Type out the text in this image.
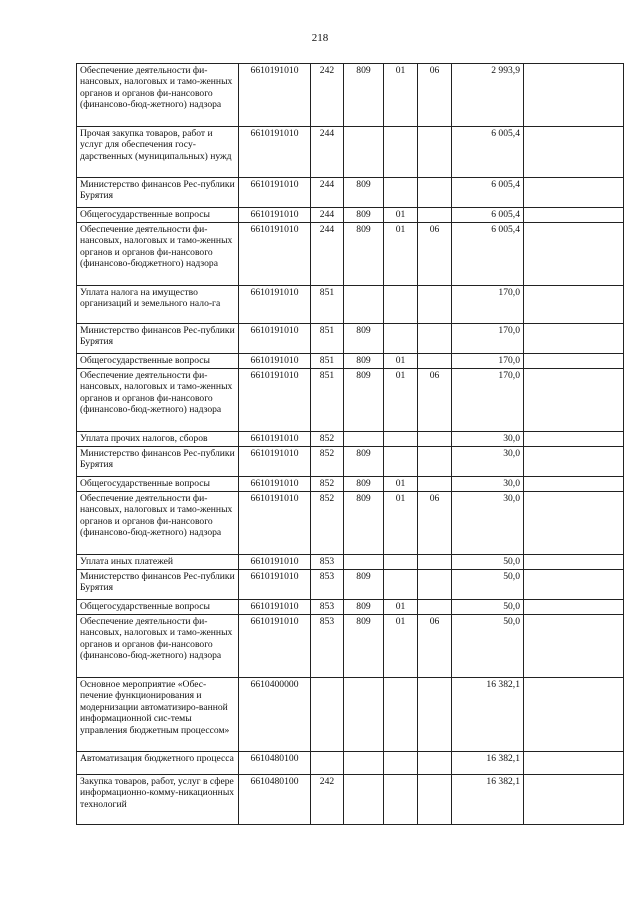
218
Обеспечение деятельности фи-нансовых, налоговых и тамо-женных органов и органов фи-нансового (финансово-бюд-жетного) надзора	6610191010	242	809	01	06	2 993,9	
Прочая закупка товаров, работ и услуг для обеспечения госу-дарственных (муниципальных) нужд	6610191010	244				6 005,4	
Министерство финансов Рес-публики Бурятия	6610191010	244	809			6 005,4	
Общегосударственные вопросы	6610191010	244	809	01		6 005,4	
Обеспечение деятельности фи-нансовых, налоговых и тамо-женных органов и органов фи-нансового (финансово-бюджетного) надзора	6610191010	244	809	01	06	6 005,4	
Уплата налога на имущество организаций и земельного нало-га	6610191010	851				170,0	
Министерство финансов Рес-публики Бурятия	6610191010	851	809			170,0	
Общегосударственные вопросы	6610191010	851	809	01		170,0	
Обеспечение деятельности фи-нансовых, налоговых и тамо-женных органов и органов фи-нансового (финансово-бюд-жетного) надзора	6610191010	851	809	01	06	170,0	
Уплата прочих налогов, сборов	6610191010	852				30,0	
Министерство финансов Рес-публики Бурятия	6610191010	852	809			30,0	
Общегосударственные вопросы	6610191010	852	809	01		30,0	
Обеспечение деятельности фи-нансовых, налоговых и тамо-женных органов и органов фи-нансового (финансово-бюд-жетного) надзора	6610191010	852	809	01	06	30,0	
Уплата иных платежей	6610191010	853				50,0	
Министерство финансов Рес-публики Бурятия	6610191010	853	809			50,0	
Общегосударственные вопросы	6610191010	853	809	01		50,0	
Обеспечение деятельности фи-нансовых, налоговых и тамо-женных органов и органов фи-нансового (финансово-бюд-жетного) надзора	6610191010	853	809	01	06	50,0	
Основное мероприятие «Обес-печение функционирования и модернизации автоматизиро-ванной информационной сис-темы управления бюджетным процессом»	6610400000					16 382,1	
Автоматизация бюджетного процесса	6610480100					16 382,1	
Закупка товаров, работ, услуг в сфере информационно-комму-никационных технологий	6610480100	242				16 382,1	
